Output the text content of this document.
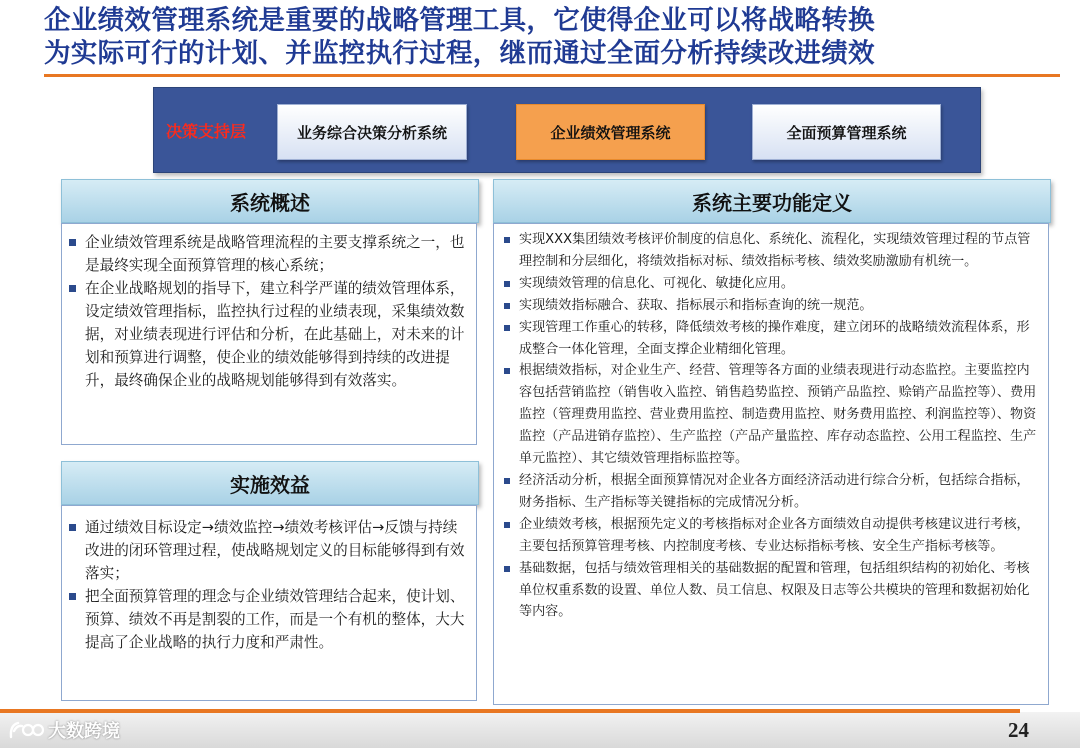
企业绩效管理系统是重要的战略管理工具，它使得企业可以将战略转换
为实际可行的计划、并监控执行过程，继而通过全面分析持续改进绩效
决策支持层	业务综合决策分析系统	企业绩效管理系统	全面预算管理系统
系统概述
企业绩效管理系统是战略管理流程的主要支撑系统之一，也是最终实现全面预算管理的核心系统；
在企业战略规划的指导下，建立科学严谨的绩效管理体系，设定绩效管理指标，监控执行过程的业绩表现，采集绩效数据，对业绩表现进行评估和分析，在此基础上，对未来的计划和预算进行调整，使企业的绩效能够得到持续的改进提升，最终确保企业的战略规划能够得到有效落实。
实施效益
通过绩效目标设定→绩效监控→绩效考核评估→反馈与持续改进的闭环管理过程，使战略规划定义的目标能够得到有效落实；
把全面预算管理的理念与企业绩效管理结合起来，使计划、预算、绩效不再是割裂的工作，而是一个有机的整体，大大提高了企业战略的执行力度和严肃性。
系统主要功能定义
实现XXX集团绩效考核评价制度的信息化、系统化、流程化，实现绩效管理过程的节点管理控制和分层细化，将绩效指标对标、绩效指标考核、绩效奖励激励有机统一。
实现绩效管理的信息化、可视化、敏捷化应用。
实现绩效指标融合、获取、指标展示和指标查询的统一规范。
实现管理工作重心的转移，降低绩效考核的操作难度，建立闭环的战略绩效流程体系，形成整合一体化管理，全面支撑企业精细化管理。
根据绩效指标，对企业生产、经营、管理等各方面的业绩表现进行动态监控。主要监控内容包括营销监控（销售收入监控、销售趋势监控、预销产品监控、赊销产品监控等）、费用监控（管理费用监控、营业费用监控、制造费用监控、财务费用监控、利润监控等）、物资监控（产品进销存监控）、生产监控（产品产量监控、库存动态监控、公用工程监控、生产单元监控）、其它绩效管理指标监控等。
经济活动分析，根据全面预算情况对企业各方面经济活动进行综合分析，包括综合指标，财务指标、生产指标等关键指标的完成情况分析。
企业绩效考核，根据预先定义的考核指标对企业各方面绩效自动提供考核建议进行考核，主要包括预算管理考核、内控制度考核、专业达标指标考核、安全生产指标考核等。
基础数据，包括与绩效管理相关的基础数据的配置和管理，包括组织结构的初始化、考核单位权重系数的设置、单位人数、员工信息、权限及日志等公共模块的管理和数据初始化等内容。
大数跨境	24
